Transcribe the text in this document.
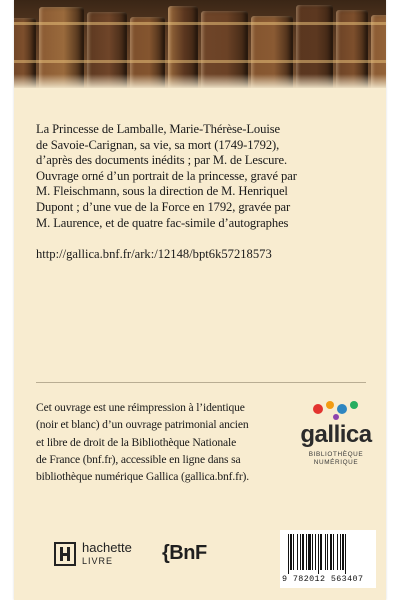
La Princesse de Lamballe, Marie-Thérèse-Louise
de Savoie-Carignan, sa vie, sa mort (1749-1792),
d’après des documents inédits ; par M. de Lescure.
Ouvrage orné d’un portrait de la princesse, gravé par
M. Fleischmann, sous la direction de M. Henriquel
Dupont ; d’une vue de la Force en 1792, gravée par
M. Laurence, et de quatre fac-simile d’autographes
http://gallica.bnf.fr/ark:/12148/bpt6k57218573
Cet ouvrage est une réimpression à l’identique
(noir et blanc) d’un ouvrage patrimonial ancien
et libre de droit de la Bibliothèque Nationale
de France (bnf.fr), accessible en ligne dans sa
bibliothèque numérique Gallica (gallica.bnf.fr).
gallica
BIBLIOTHÈQUE
NUMÉRIQUE
hachette
LIVRE {BnF
9 782012 563407
